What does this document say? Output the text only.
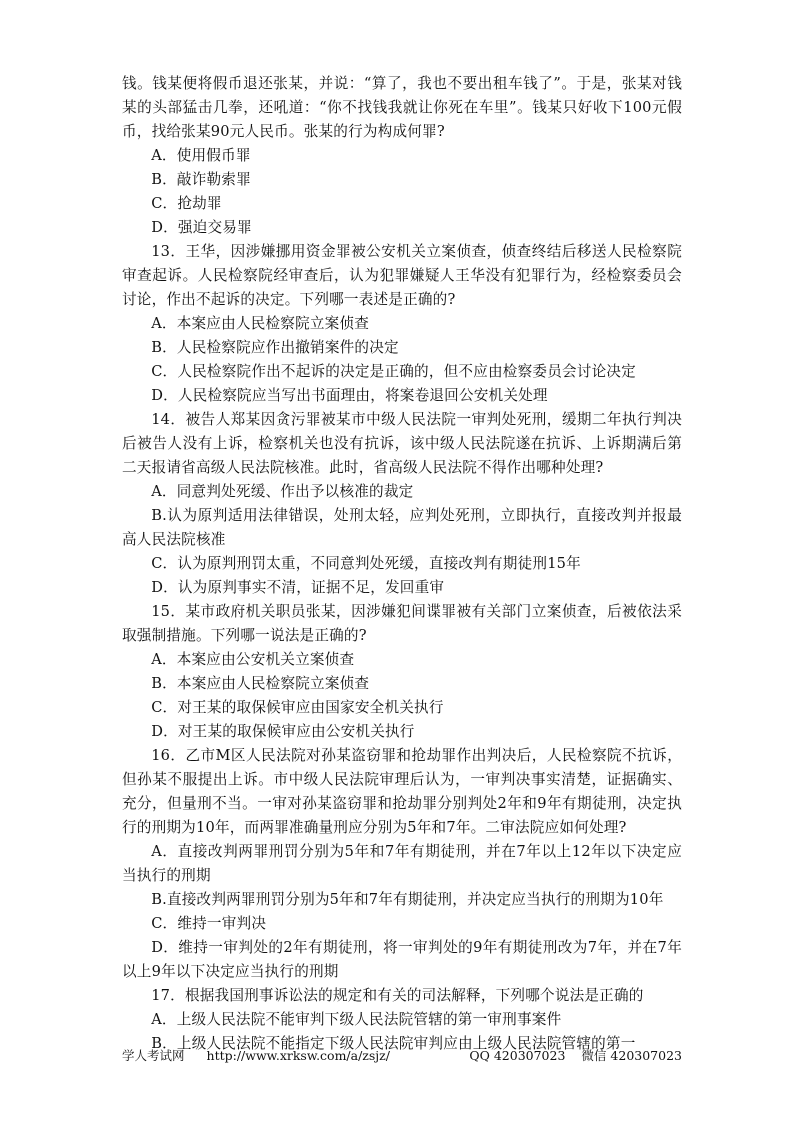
钱。钱某便将假币退还张某，并说：“算了，我也不要出租车钱了”。于是，张某对钱某的头部猛击几拳，还吼道：“你不找钱我就让你死在车里”。钱某只好收下100元假币，找给张某90元人民币。张某的行为构成何罪?

A．使用假币罪

B．敲诈勒索罪

C．抢劫罪

D．强迫交易罪

13．王华，因涉嫌挪用资金罪被公安机关立案侦查，侦查终结后移送人民检察院审查起诉。人民检察院经审查后，认为犯罪嫌疑人王华没有犯罪行为，经检察委员会讨论，作出不起诉的决定。下列哪一表述是正确的?

A．本案应由人民检察院立案侦查

B．人民检察院应作出撤销案件的决定

C．人民检察院作出不起诉的决定是正确的，但不应由检察委员会讨论决定

D．人民检察院应当写出书面理由，将案卷退回公安机关处理

14．被告人郑某因贪污罪被某市中级人民法院一审判处死刑，缓期二年执行判决后被告人没有上诉，检察机关也没有抗诉，该中级人民法院遂在抗诉、上诉期满后第二天报请省高级人民法院核准。此时，省高级人民法院不得作出哪种处理?

A．同意判处死缓、作出予以核准的裁定

B.认为原判适用法律错误，处刑太轻，应判处死刑，立即执行，直接改判并报最高人民法院核准

C．认为原判刑罚太重，不同意判处死缓，直接改判有期徒刑15年

D．认为原判事实不清，证据不足，发回重审

15．某市政府机关职员张某，因涉嫌犯间谍罪被有关部门立案侦查，后被依法采取强制措施。下列哪一说法是正确的?

A．本案应由公安机关立案侦查

B．本案应由人民检察院立案侦查

C．对王某的取保候审应由国家安全机关执行

D．对王某的取保候审应由公安机关执行

16．乙市M区人民法院对孙某盗窃罪和抢劫罪作出判决后，人民检察院不抗诉，但孙某不服提出上诉。市中级人民法院审理后认为，一审判决事实清楚，证据确实、充分，但量刑不当。一审对孙某盗窃罪和抢劫罪分别判处2年和9年有期徒刑，决定执行的刑期为10年，而两罪准确量刑应分别为5年和7年。二审法院应如何处理?

A．直接改判两罪刑罚分别为5年和7年有期徒刑，并在7年以上12年以下决定应当执行的刑期

B.直接改判两罪刑罚分别为5年和7年有期徒刑，并决定应当执行的刑期为10年

C．维持一审判决

D．维持一审判处的2年有期徒刑，将一审判处的9年有期徒刑改为7年，并在7年以上9年以下决定应当执行的刑期

17．根据我国刑事诉讼法的规定和有关的司法解释，下列哪个说法是正确的

A．上级人民法院不能审判下级人民法院管辖的第一审刑事案件

B．上级人民法院不能指定下级人民法院审判应由上级人民法院管辖的第一

学人考试网 http://www.xrksw.com/a/zsjz/	QQ 420307023 微信 420307023
